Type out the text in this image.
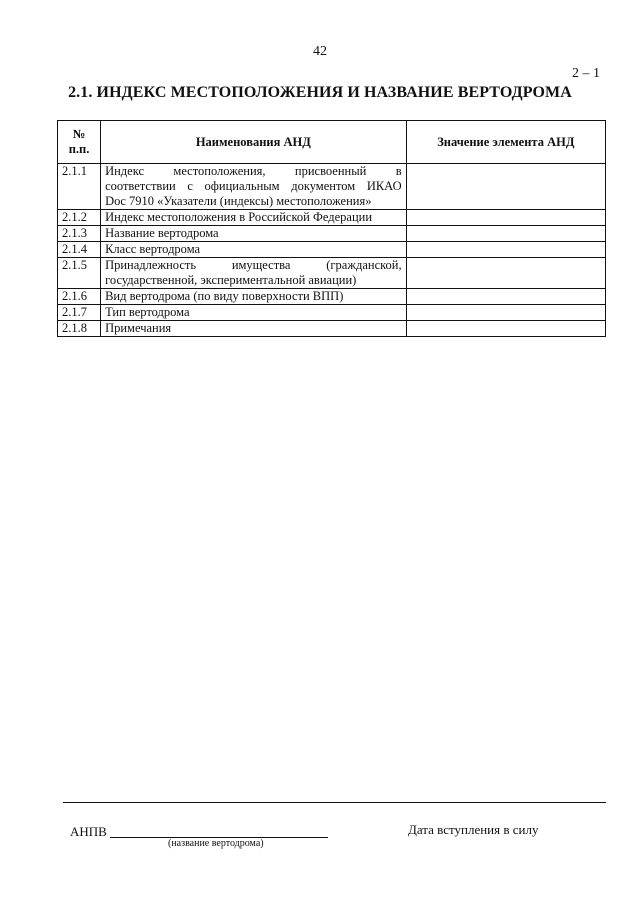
42
2 – 1
2.1. ИНДЕКС МЕСТОПОЛОЖЕНИЯ И НАЗВАНИЕ ВЕРТОДРОМА
№
п.п.	Наименования АНД	Значение элемента АНД
2.1.1	Индекс местоположения, присвоенный в
соответствии с официальным документом ИКАО
Doc 7910 «Указатели (индексы) местоположения»	

2.1.2	Индекс местоположения в Российской Федерации	
2.1.3	Название вертодрома	
2.1.4	Класс вертодрома	
2.1.5	Принадлежность имущества (гражданской,
государственной, экспериментальной авиации)	

2.1.6	Вид вертодрома (по виду поверхности ВПП)	
2.1.7	Тип вертодрома	
2.1.8	Примечания	
АНПВ
(название вертодрома)
Дата вступления в силу
